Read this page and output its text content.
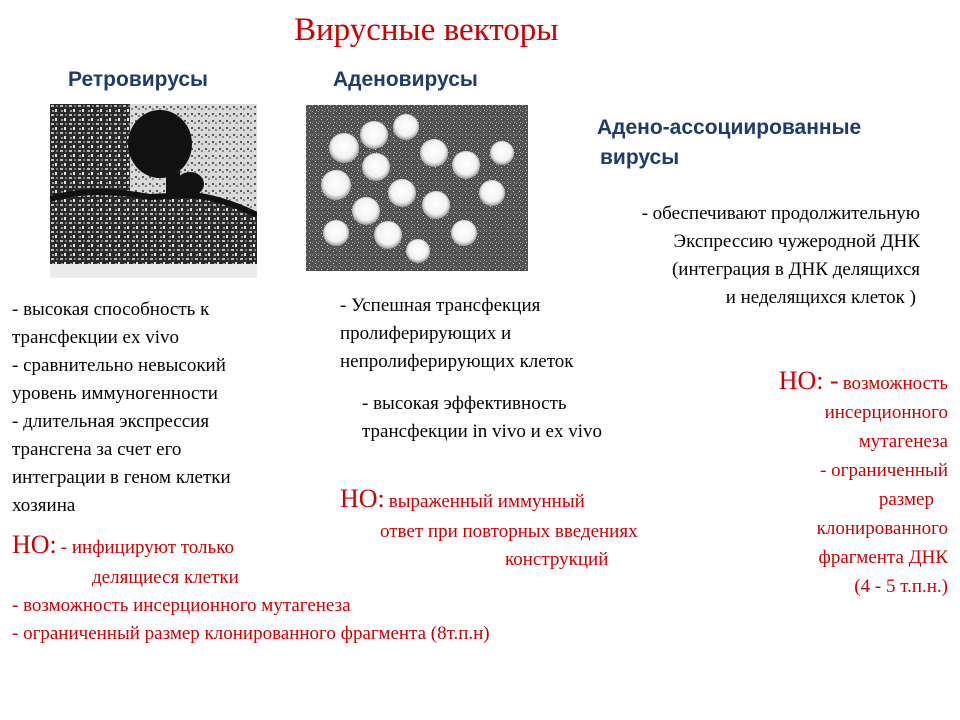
Вирусные векторы
Ретровирусы	Аденовирусы
Адено-ассоциированные
вирусы
- высокая способность к
трансфекции ex vivo
- сравнительно невысокий
уровень иммуногенности
- длительная экспрессия
трансгена за счет его
интеграции в геном клетки
хозяина
НО: - инфицируют только
делящиеся клетки
- возможность инсерционного мутагенеза
- ограниченный размер клонированного фрагмента (8т.п.н)
- Успешная трансфекция
пролиферирующих и
непролиферирующих клеток
- высокая эффективность
трансфекции in vivo и ex vivo
НО: выраженный иммунный
ответ при повторных введениях
конструкций
- обеспечивают продолжительную
Экспрессию чужеродной ДНК
(интеграция в ДНК делящихся
и неделящихся клеток )
НО: - возможность
инсерционного
мутагенеза
- ограниченный
размер
клонированного
фрагмента ДНК
(4 - 5 т.п.н.)
